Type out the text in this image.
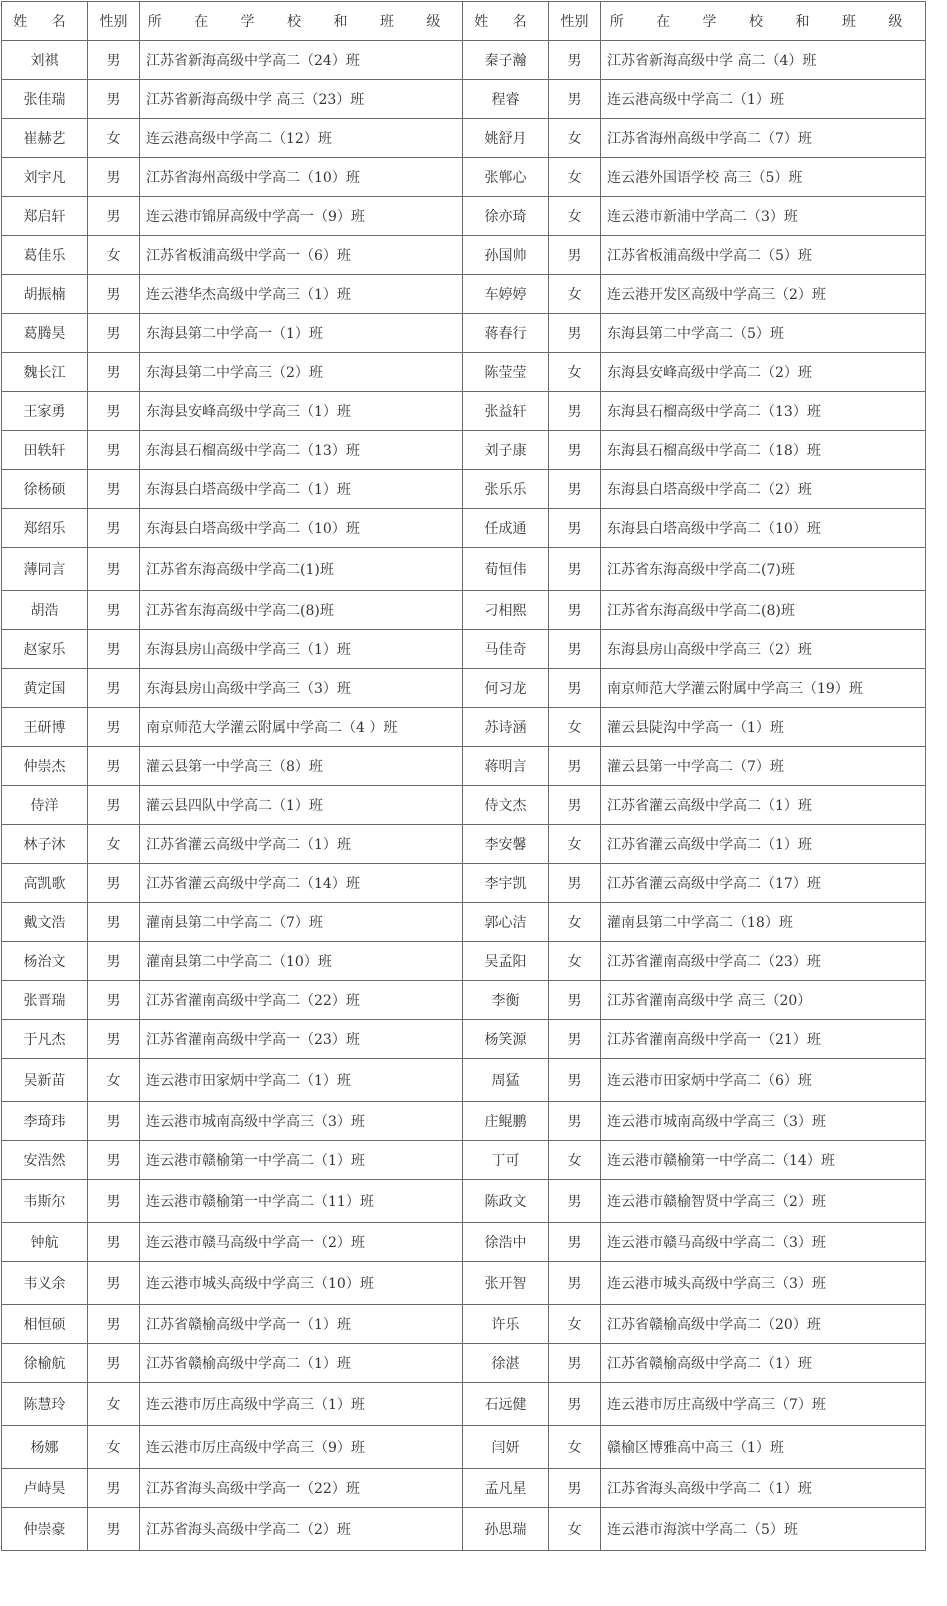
姓 名	性别	所 在 学 校 和 班 级	姓 名	性别	所 在 学 校 和 班 级
刘祺	男	江苏省新海高级中学高二（24）班	秦子瀚	男	江苏省新海高级中学 高二（4）班
张佳瑞	男	江苏省新海高级中学 高三（23）班	程睿	男	连云港高级中学高二（1）班
崔赫艺	女	连云港高级中学高二（12）班	姚舒月	女	江苏省海州高级中学高二（7）班
刘宇凡	男	江苏省海州高级中学高二（10）班	张郸心	女	连云港外国语学校 高三（5）班
郑启轩	男	连云港市锦屏高级中学高一（9）班	徐亦琦	女	连云港市新浦中学高二（3）班
葛佳乐	女	江苏省板浦高级中学高一（6）班	孙国帅	男	江苏省板浦高级中学高二（5）班
胡振楠	男	连云港华杰高级中学高三（1）班	车婷婷	女	连云港开发区高级中学高三（2）班
葛腾昊	男	东海县第二中学高一（1）班	蒋春行	男	东海县第二中学高二（5）班
魏长江	男	东海县第二中学高三（2）班	陈莹莹	女	东海县安峰高级中学高二（2）班
王家勇	男	东海县安峰高级中学高三（1）班	张益轩	男	东海县石榴高级中学高二（13）班
田轶轩	男	东海县石榴高级中学高二（13）班	刘子康	男	东海县石榴高级中学高二（18）班
徐杨硕	男	东海县白塔高级中学高二（1）班	张乐乐	男	东海县白塔高级中学高二（2）班
郑绍乐	男	东海县白塔高级中学高二（10）班	任成通	男	东海县白塔高级中学高二（10）班
薄同言	男	江苏省东海高级中学高二(1)班	荀恒伟	男	江苏省东海高级中学高二(7)班
胡浩	男	江苏省东海高级中学高二(8)班	刁相熙	男	江苏省东海高级中学高二(8)班
赵家乐	男	东海县房山高级中学高三（1）班	马佳奇	男	东海县房山高级中学高三（2）班
黄定国	男	东海县房山高级中学高三（3）班	何习龙	男	南京师范大学灌云附属中学高三（19）班
王研博	男	南京师范大学灌云附属中学高二（4 ）班	苏诗涵	女	灌云县陡沟中学高一（1）班
仲崇杰	男	灌云县第一中学高三（8）班	蒋明言	男	灌云县第一中学高二（7）班
侍洋	男	灌云县四队中学高二（1）班	侍文杰	男	江苏省灌云高级中学高二（1）班
林子沐	女	江苏省灌云高级中学高二（1）班	李安馨	女	江苏省灌云高级中学高二（1）班
高凯歌	男	江苏省灌云高级中学高二（14）班	李宇凯	男	江苏省灌云高级中学高二（17）班
戴文浩	男	灌南县第二中学高二（7）班	郭心洁	女	灌南县第二中学高二（18）班
杨治文	男	灌南县第二中学高二（10）班	吴孟阳	女	江苏省灌南高级中学高二（23）班
张晋瑞	男	江苏省灌南高级中学高二（22）班	李衡	男	江苏省灌南高级中学 高三（20）
于凡杰	男	江苏省灌南高级中学高一（23）班	杨笑源	男	江苏省灌南高级中学高一（21）班
吴新苗	女	连云港市田家炳中学高二（1）班	周猛	男	连云港市田家炳中学高二（6）班
李琦玮	男	连云港市城南高级中学高三（3）班	庄鲲鹏	男	连云港市城南高级中学高三（3）班
安浩然	男	连云港市赣榆第一中学高二（1）班	丁可	女	连云港市赣榆第一中学高二（14）班
韦斯尔	男	连云港市赣榆第一中学高二（11）班	陈政文	男	连云港市赣榆智贤中学高三（2）班
钟航	男	连云港市赣马高级中学高一（2）班	徐浩中	男	连云港市赣马高级中学高二（3）班
韦义余	男	连云港市城头高级中学高三（10）班	张开智	男	连云港市城头高级中学高三（3）班
相恒硕	男	江苏省赣榆高级中学高一（1）班	许乐	女	江苏省赣榆高级中学高二（20）班
徐榆航	男	江苏省赣榆高级中学高二（1）班	徐湛	男	江苏省赣榆高级中学高二（1）班
陈慧玲	女	连云港市厉庄高级中学高三（1）班	石远健	男	连云港市厉庄高级中学高三（7）班
杨娜	女	连云港市厉庄高级中学高三（9）班	闫妍	女	赣榆区博雅高中高三（1）班
卢峙昊	男	江苏省海头高级中学高一（22）班	孟凡星	男	江苏省海头高级中学高二（1）班
仲崇豪	男	江苏省海头高级中学高二（2）班	孙思瑞	女	连云港市海滨中学高二（5）班
